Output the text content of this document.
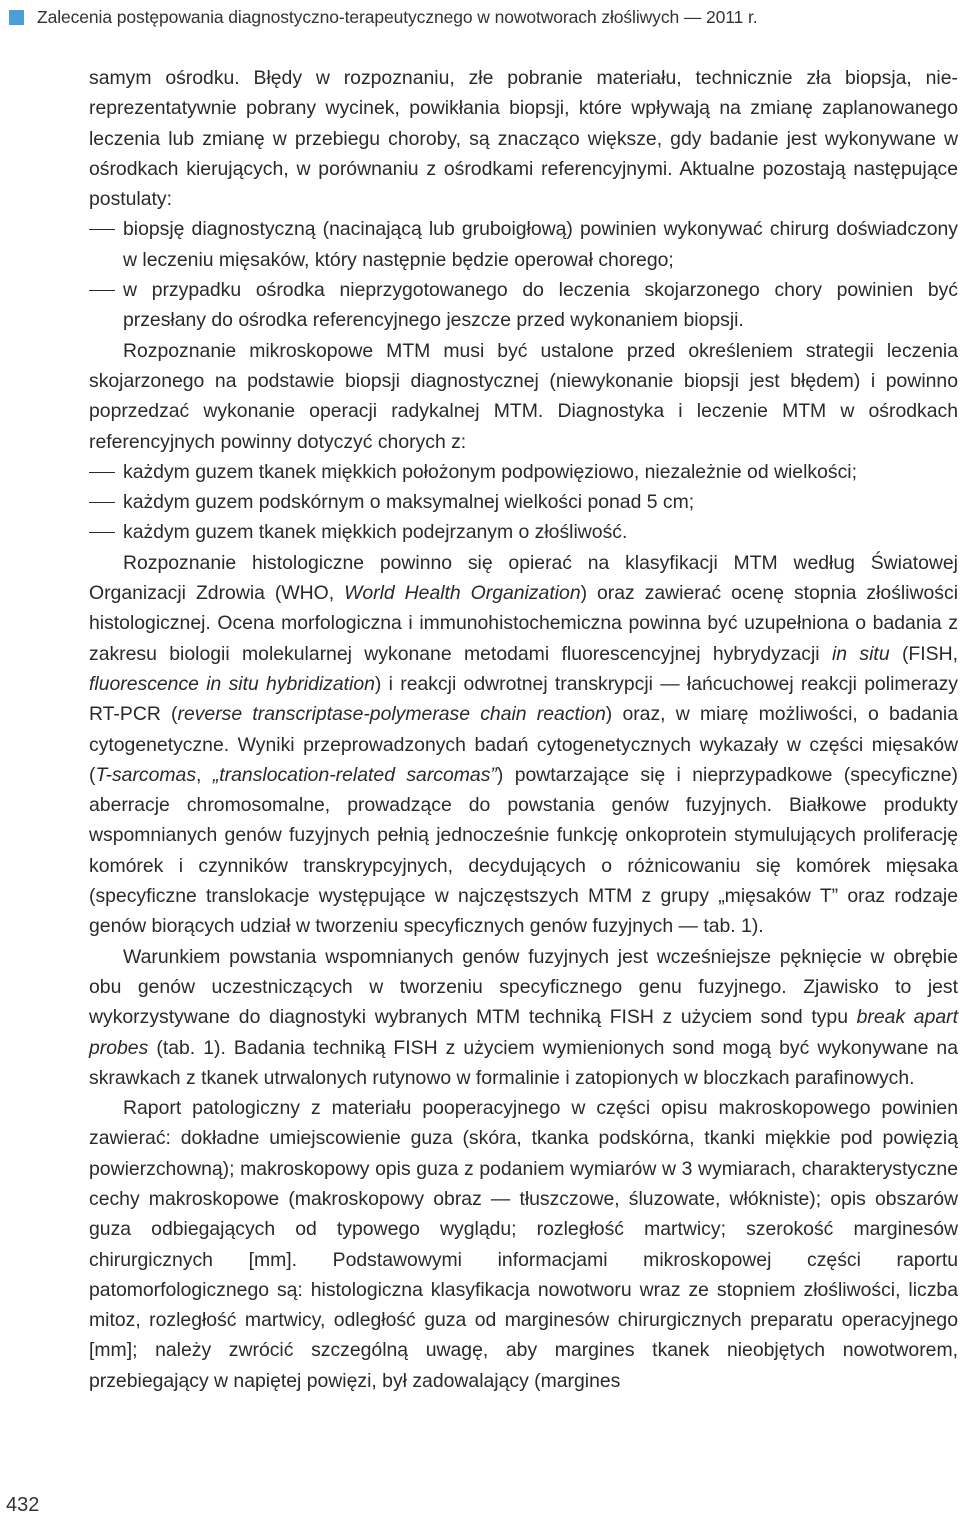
Zalecenia postępowania diagnostyczno-terapeutycznego w nowotworach złośliwych — 2011 r.

samym ośrodku. Błędy w rozpoznaniu, złe pobranie materiału, technicznie zła biopsja, niereprezentatywnie pobrany wycinek, powikłania biopsji, które wpływają na zmianę zaplanowanego leczenia lub zmianę w przebiegu choroby, są znacząco większe, gdy badanie jest wykonywane w ośrodkach kierujących, w porównaniu z ośrodkami referencyjnymi. Aktualne pozostają następujące postulaty:

biopsję diagnostyczną (nacinającą lub gruboigłową) powinien wykonywać chirurg doświadczony w leczeniu mięsaków, który następnie będzie operował chorego;
w przypadku ośrodka nieprzygotowanego do leczenia skojarzonego chory powinien być przesłany do ośrodka referencyjnego jeszcze przed wykonaniem biopsji.

Rozpoznanie mikroskopowe MTM musi być ustalone przed określeniem strategii leczenia skojarzonego na podstawie biopsji diagnostycznej (niewykonanie biopsji jest błędem) i powinno poprzedzać wykonanie operacji radykalnej MTM. Diagnostyka i leczenie MTM w ośrodkach referencyjnych powinny dotyczyć chorych z:

każdym guzem tkanek miękkich położonym podpowięziowo, niezależnie od wielkości;
każdym guzem podskórnym o maksymalnej wielkości ponad 5 cm;
każdym guzem tkanek miękkich podejrzanym o złośliwość.

Rozpoznanie histologiczne powinno się opierać na klasyfikacji MTM według Światowej Organizacji Zdrowia (WHO, World Health Organization) oraz zawierać ocenę stopnia złośliwości histologicznej. Ocena morfologiczna i immunohistochemiczna powinna być uzupełniona o badania z zakresu biologii molekularnej wykonane metodami fluorescencyjnej hybrydyzacji in situ (FISH, fluorescence in situ hybridization) i reakcji odwrotnej transkrypcji — łańcuchowej reakcji polimerazy RT-PCR (reverse transcriptase-polymerase chain reaction) oraz, w miarę możliwości, o badania cytogenetyczne. Wyniki przeprowadzonych badań cytogenetycznych wykazały w części mięsaków (T-sarcomas, „translocation-related sarcomas”) powtarzające się i nieprzypadkowe (specyficzne) aberracje chromosomalne, prowadzące do powstania genów fuzyjnych. Białkowe produkty wspomnianych genów fuzyjnych pełnią jednocześnie funkcję onkoprotein stymulujących proliferację komórek i czynników transkrypcyjnych, decydujących o różnicowaniu się komórek mięsaka (specyficzne translokacje występujące w najczęstszych MTM z grupy „mięsaków T” oraz rodzaje genów biorących udział w tworzeniu specyficznych genów fuzyjnych — tab. 1).

Warunkiem powstania wspomnianych genów fuzyjnych jest wcześniejsze pęknięcie w obrębie obu genów uczestniczących w tworzeniu specyficznego genu fuzyjnego. Zjawisko to jest wykorzystywane do diagnostyki wybranych MTM techniką FISH z użyciem sond typu break apart probes (tab. 1). Badania techniką FISH z użyciem wymienionych sond mogą być wykonywane na skrawkach z tkanek utrwalonych rutynowo w formalinie i zatopionych w bloczkach parafinowych.

Raport patologiczny z materiału pooperacyjnego w części opisu makroskopowego powinien zawierać: dokładne umiejscowienie guza (skóra, tkanka podskórna, tkanki miękkie pod powięzią powierzchowną); makroskopowy opis guza z podaniem wymiarów w 3 wymiarach, charakterystyczne cechy makroskopowe (makroskopowy obraz — tłuszczowe, śluzowate, włókniste); opis obszarów guza odbiegających od typowego wyglądu; rozległość martwicy; szerokość marginesów chirurgicznych [mm]. Podstawowymi informacjami mikroskopowej części raportu patomorfologicznego są: histologiczna klasyfikacja nowotworu wraz ze stopniem złośliwości, liczba mitoz, rozległość martwicy, odległość guza od marginesów chirurgicznych preparatu operacyjnego [mm]; należy zwrócić szczególną uwagę, aby margines tkanek nieobjętych nowotworem, przebiegający w napiętej powięzi, był zadowalający (margines

432
